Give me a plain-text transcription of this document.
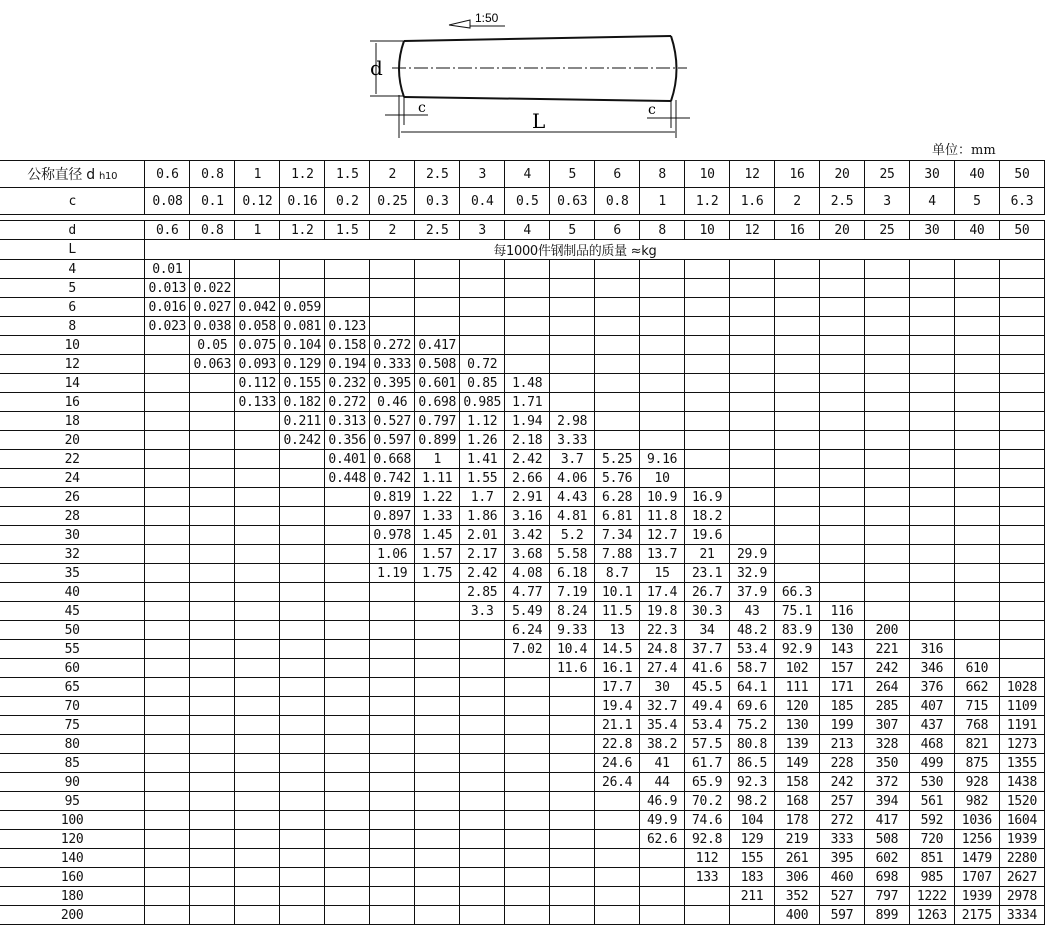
1:50
d
c	c
L
单位：mm
公称直径 d h10	0.6	0.8	1	1.2	1.5	2	2.5	3	4	5	6	8	10	12	16	20	25	30	40	50
c	0.08	0.1	0.12	0.16	0.2	0.25	0.3	0.4	0.5	0.63	0.8	1	1.2	1.6	2	2.5	3	4	5	6.3
d	0.6	0.8	1	1.2	1.5	2	2.5	3	4	5	6	8	10	12	16	20	25	30	40	50
L	每1000件钢制品的质量 ≈kg																			
4	0.01																			
5	0.013	0.022																		
6	0.016	0.027	0.042	0.059																
8	0.023	0.038	0.058	0.081	0.123															
10		0.05	0.075	0.104	0.158	0.272	0.417													
12		0.063	0.093	0.129	0.194	0.333	0.508	0.72												
14			0.112	0.155	0.232	0.395	0.601	0.85	1.48											
16			0.133	0.182	0.272	0.46	0.698	0.985	1.71											
18				0.211	0.313	0.527	0.797	1.12	1.94	2.98										
20				0.242	0.356	0.597	0.899	1.26	2.18	3.33										
22					0.401	0.668	1	1.41	2.42	3.7	5.25	9.16								
24					0.448	0.742	1.11	1.55	2.66	4.06	5.76	10								
26						0.819	1.22	1.7	2.91	4.43	6.28	10.9	16.9							
28						0.897	1.33	1.86	3.16	4.81	6.81	11.8	18.2							
30						0.978	1.45	2.01	3.42	5.2	7.34	12.7	19.6							
32						1.06	1.57	2.17	3.68	5.58	7.88	13.7	21	29.9						
35						1.19	1.75	2.42	4.08	6.18	8.7	15	23.1	32.9						
40								2.85	4.77	7.19	10.1	17.4	26.7	37.9	66.3					
45								3.3	5.49	8.24	11.5	19.8	30.3	43	75.1	116				
50									6.24	9.33	13	22.3	34	48.2	83.9	130	200			
55									7.02	10.4	14.5	24.8	37.7	53.4	92.9	143	221	316		
60										11.6	16.1	27.4	41.6	58.7	102	157	242	346	610	
65											17.7	30	45.5	64.1	111	171	264	376	662	1028
70											19.4	32.7	49.4	69.6	120	185	285	407	715	1109
75											21.1	35.4	53.4	75.2	130	199	307	437	768	1191
80											22.8	38.2	57.5	80.8	139	213	328	468	821	1273
85											24.6	41	61.7	86.5	149	228	350	499	875	1355
90											26.4	44	65.9	92.3	158	242	372	530	928	1438
95												46.9	70.2	98.2	168	257	394	561	982	1520
100												49.9	74.6	104	178	272	417	592	1036	1604
120												62.6	92.8	129	219	333	508	720	1256	1939
140													112	155	261	395	602	851	1479	2280
160													133	183	306	460	698	985	1707	2627
180														211	352	527	797	1222	1939	2978
200															400	597	899	1263	2175	3334
